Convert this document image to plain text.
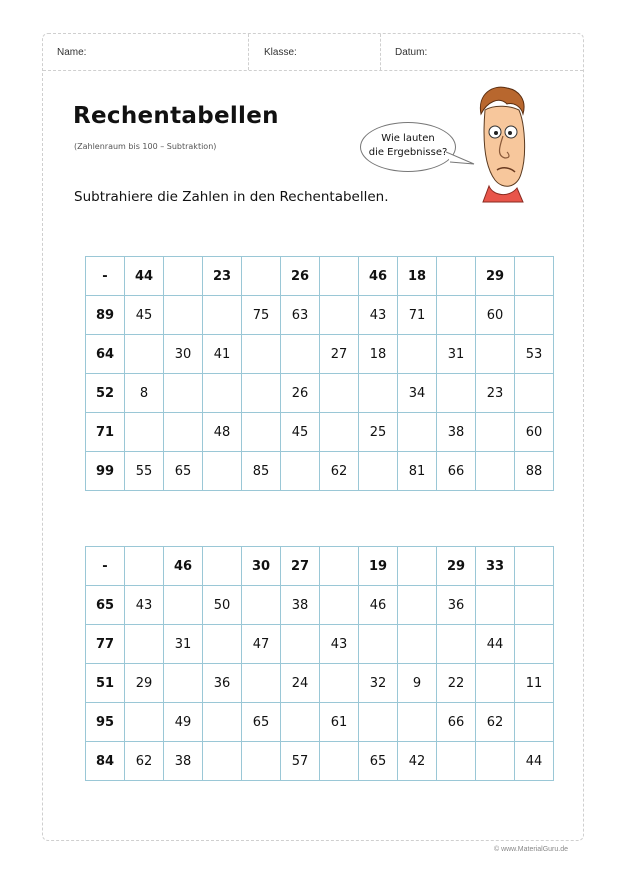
Name:	Klasse:	Datum:
Rechentabellen
(Zahlenraum bis 100 – Subtraktion)
Wie lauten
die Ergebnisse?
Subtrahiere die Zahlen in den Rechentabellen.
-	44		23		26		46	18		29	
89	45			75	63		43	71		60	
64		30	41			27	18		31		53
52	8				26			34		23	
71			48		45		25		38		60
99	55	65		85		62		81	66		88
-		46		30	27		19		29	33	
65	43		50		38		46		36		
77		31		47		43				44	
51	29		36		24		32	9	22		11
95		49		65		61			66	62	
84	62	38			57		65	42			44
© www.MaterialGuru.de
